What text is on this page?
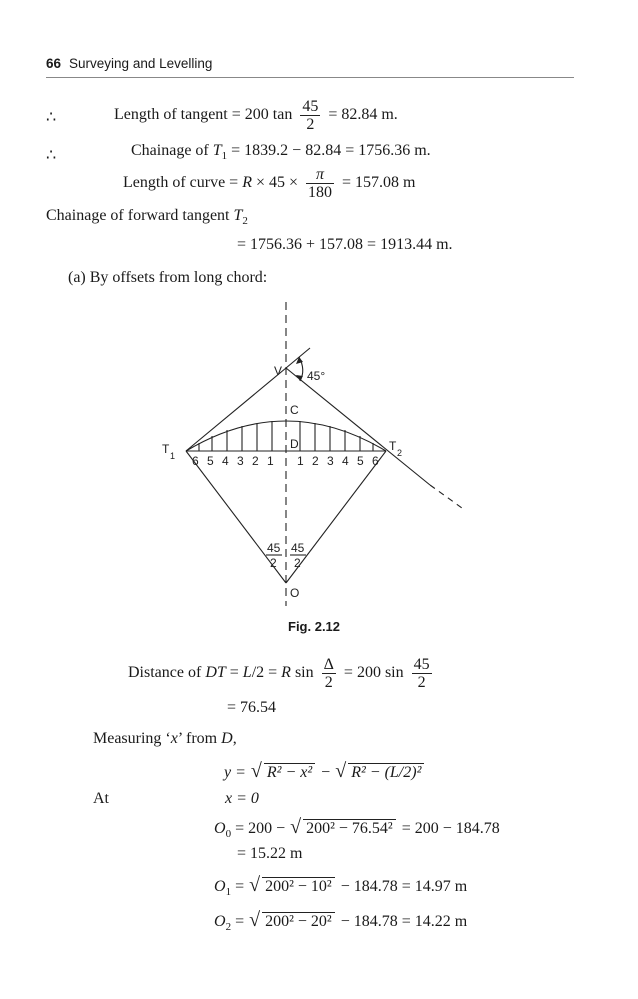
66 Surveying and Levelling
∴	Length of tangent = 200 $\tan \frac{45}{2} = 82.84$ m.
∴	Chainage of $T_1 = 1839.2 - 82.84 = 1756.36$ m.
Length of curve = $R \times 45 \times \frac{\pi}{180} = 157.08$ m
Chainage of forward tangent $T_2$
= 1756.36 + 157.08 = 1913.44 m.
(a) By offsets from long chord:
V 45°
C
D
T 1
T 2
O
6 5 4 3 2 1 1 2 3 4 5 6
45
2
45
2
Fig. 2.12
Distance of DT = L/2 = R $\sin \frac{\Delta}{2} = 200$ $\sin \frac{45}{2}$
= 76.54
Measuring ‘x’ from D,
y = √ R² − x² − √ R² − (L/2)²
At	x = 0
$O_0 = 200$ − √ 200² − 76.54² = 200 − 184.78
= 15.22 m
$O_1$ = √ 200² − 10² − 184.78 = 14.97 m
$O_2$ = √ 200² − 20² − 184.78 = 14.22 m
